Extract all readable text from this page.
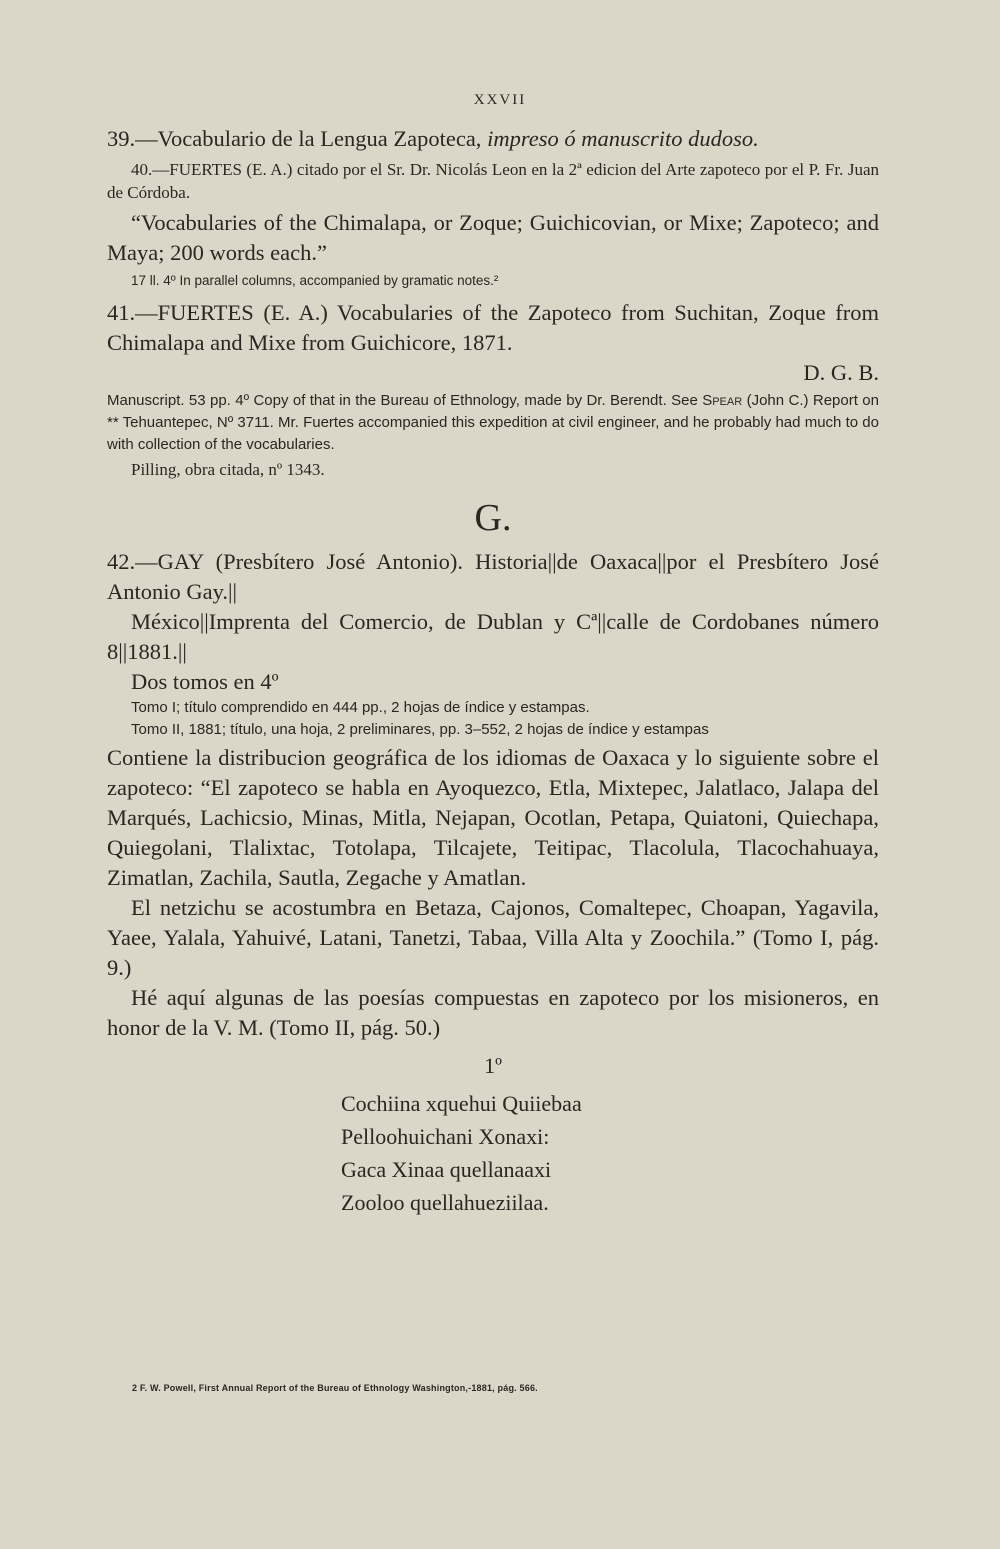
XXVII

39.—Vocabulario de la Lengua Zapoteca, impreso ó manuscrito dudoso.

40.—FUERTES (E. A.) citado por el Sr. Dr. Nicolás Leon en la 2ª edicion del Arte zapoteco por el P. Fr. Juan de Córdoba.

“Vocabularies of the Chimalapa, or Zoque; Guichicovian, or Mixe; Zapoteco; and Maya; 200 words each.”

17 ll. 4º In parallel columns, accompanied by gramatic notes.²

41.—FUERTES (E. A.) Vocabularies of the Zapoteco from Suchitan, Zoque from Chimalapa and Mixe from Guichicore, 1871.

D. G. B.

Manuscript. 53 pp. 4º Copy of that in the Bureau of Ethnology, made by Dr. Berendt. See Spear (John C.) Report on ** Tehuantepec, Nº 3711. Mr. Fuertes accompanied this expedition at civil engineer, and he probably had much to do with collection of the vocabularies.

Pilling, obra citada, nº 1343.

G.

42.—GAY (Presbítero José Antonio). Historia||de Oaxaca||por el Presbítero José Antonio Gay.||

México||Imprenta del Comercio, de Dublan y Cª||calle de Cordobanes número 8||1881.||

Dos tomos en 4º

Tomo I; título comprendido en 444 pp., 2 hojas de índice y estampas.

Tomo II, 1881; título, una hoja, 2 preliminares, pp. 3–552, 2 hojas de índice y estampas

Contiene la distribucion geográfica de los idiomas de Oaxaca y lo siguiente sobre el zapoteco: “El zapoteco se habla en Ayoquezco, Etla, Mixtepec, Jalatlaco, Jalapa del Marqués, Lachicsio, Minas, Mitla, Nejapan, Ocotlan, Petapa, Quiatoni, Quiechapa, Quiegolani, Tlalixtac, Totolapa, Tilcajete, Teitipac, Tlacolula, Tlacochahuaya, Zimatlan, Zachila, Sautla, Zegache y Amatlan.

El netzichu se acostumbra en Betaza, Cajonos, Comaltepec, Choapan, Yagavila, Yaee, Yalala, Yahuivé, Latani, Tanetzi, Tabaa, Villa Alta y Zoochila.” (Tomo I, pág. 9.)

Hé aquí algunas de las poesías compuestas en zapoteco por los misioneros, en honor de la V. M. (Tomo II, pág. 50.)

1º
Cochiina xquehui Quiiebaa
Pelloohuichani Xonaxi:
Gaca Xinaa quellanaaxi
Zooloo quellahueziilaa.
2 F. W. Powell, First Annual Report of the Bureau of Ethnology Washington,-1881, pág. 566.
